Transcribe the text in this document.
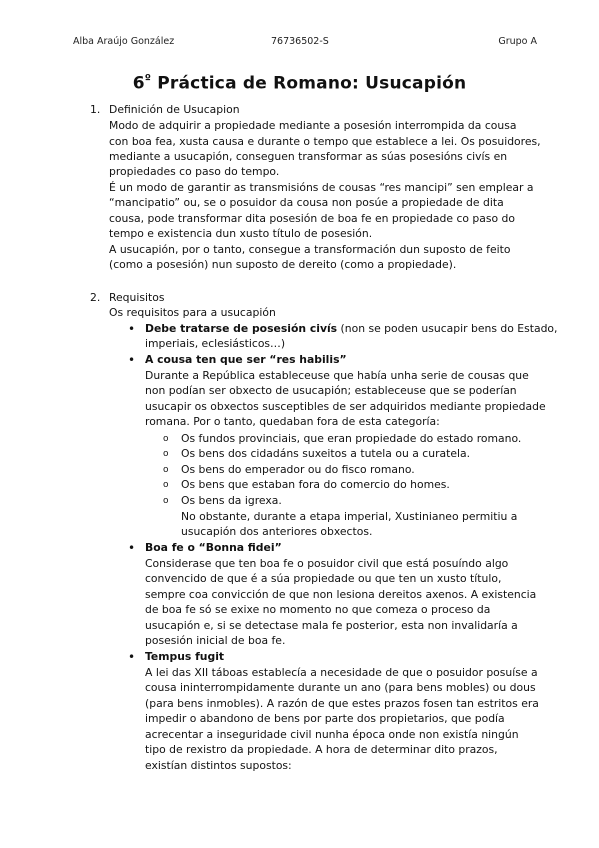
Alba Araújo González	76736502-S	Grupo A
$6^º$ Práctica de Romano: Usucapión
1. Definición de Usucapion
Modo de adquirir a propiedade mediante a posesión interrompida da cousa
con boa fea, xusta causa e durante o tempo que establece a lei. Os posuidores,
mediante a usucapión, conseguen transformar as súas posesións civís en
propiedades co paso do tempo.
É un modo de garantir as transmisións de cousas “res mancipi” sen emplear a
“mancipatio” ou, se o posuidor da cousa non posúe a propiedade de dita
cousa, pode transformar dita posesión de boa fe en propiedade co paso do
tempo e existencia dun xusto título de posesión.
A usucapión, por o tanto, consegue a transformación dun suposto de feito
(como a posesión) nun suposto de dereito (como a propiedade).
2. Requisitos
Os requisitos para a usucapión
• Debe tratarse de posesión civís (non se poden usucapir bens do Estado,
imperiais, eclesiásticos…)
• A cousa ten que ser “res habilis”
Durante a República estableceuse que había unha serie de cousas que
non podían ser obxecto de usucapión; estableceuse que se poderían
usucapir os obxectos susceptibles de ser adquiridos mediante propiedade
romana. Por o tanto, quedaban fora de esta categoría:
o Os fundos provinciais, que eran propiedade do estado romano.
o Os bens dos cidadáns suxeitos a tutela ou a curatela.
o Os bens do emperador ou do fisco romano.
o Os bens que estaban fora do comercio do homes.
o Os bens da igrexa.
No obstante, durante a etapa imperial, Xustinianeo permitiu a
usucapión dos anteriores obxectos.
• Boa fe o “Bonna fidei”
Considerase que ten boa fe o posuidor civil que está posuíndo algo
convencido de que é a súa propiedade ou que ten un xusto título,
sempre coa convicción de que non lesiona dereitos axenos. A existencia
de boa fe só se exixe no momento no que comeza o proceso da
usucapión e, si se detectase mala fe posterior, esta non invalidaría a
posesión inicial de boa fe.
• Tempus fugit
A lei das XII táboas establecía a necesidade de que o posuidor posuíse a
cousa ininterrompidamente durante un ano (para bens mobles) ou dous
(para bens inmobles). A razón de que estes prazos fosen tan estritos era
impedir o abandono de bens por parte dos propietarios, que podía
acrecentar a inseguridade civil nunha época onde non existía ningún
tipo de rexistro da propiedade. A hora de determinar dito prazos,
existían distintos supostos:
